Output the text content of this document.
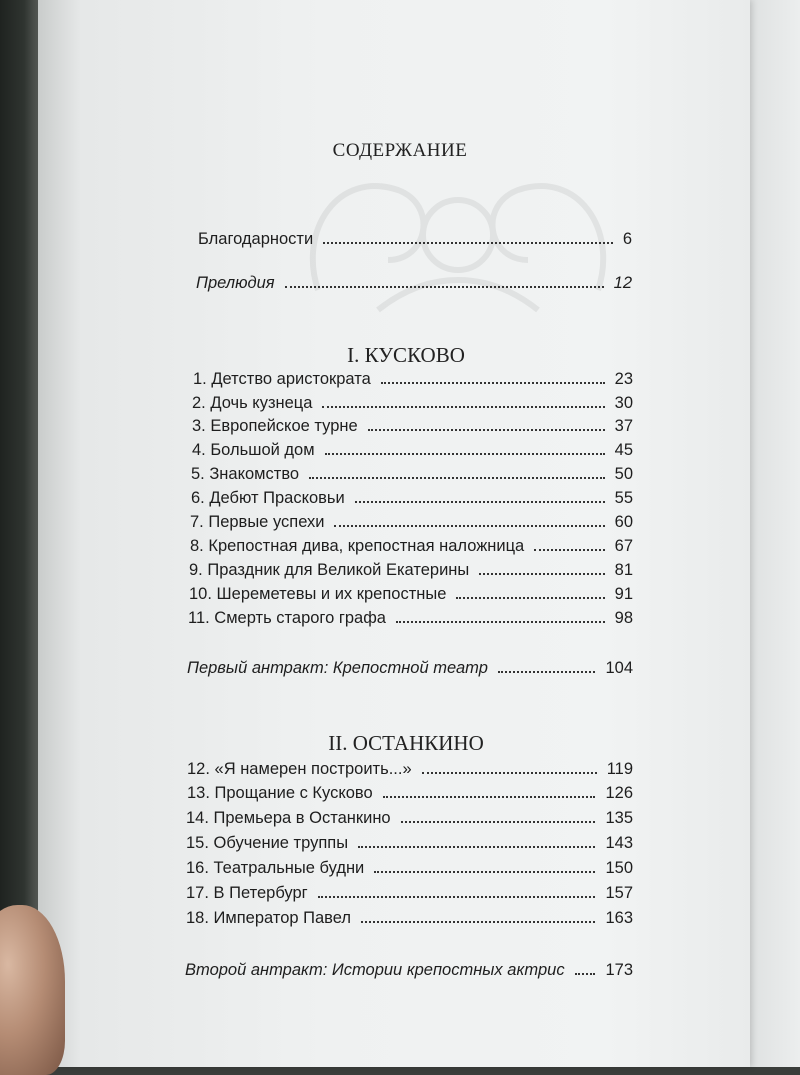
СОДЕРЖАНИЕ
Благодарности	6
Прелюдия	12
I. КУСКОВО
1. Детство аристократа	23
2. Дочь кузнеца	30
3. Европейское турне	37
4. Большой дом	45
5. Знакомство	50
6. Дебют Прасковьи	55
7. Первые успехи	60
8. Крепостная дива, крепостная наложница	67
9. Праздник для Великой Екатерины	81
10. Шереметевы и их крепостные	91
11. Смерть старого графа	98
Первый антракт: Крепостной театр	104
II. ОСТАНКИНО
12. «Я намерен построить...»	119
13. Прощание с Кусково	126
14. Премьера в Останкино	135
15. Обучение труппы	143
16. Театральные будни	150
17. В Петербург	157
18. Император Павел	163
Второй антракт: Истории крепостных актрис 173
